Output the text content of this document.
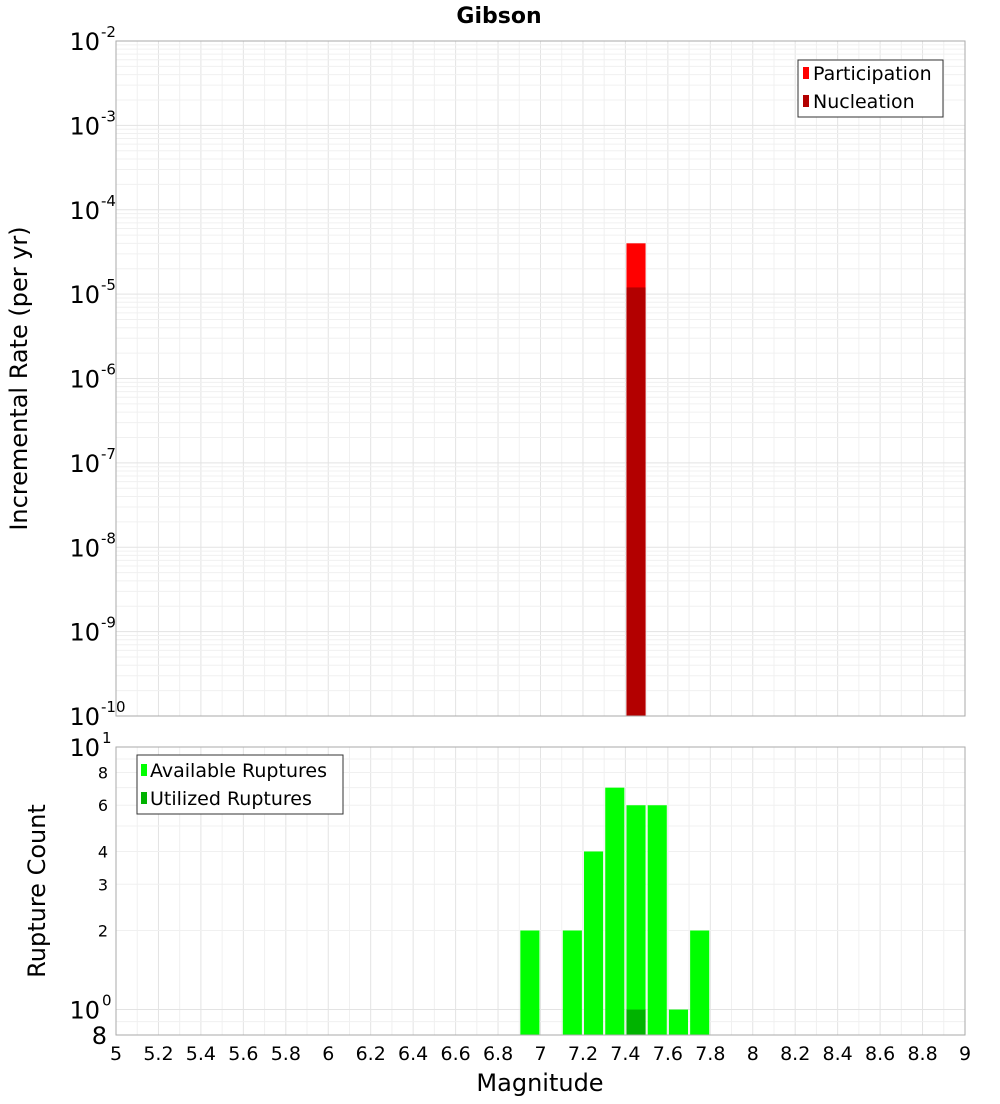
10 -2
10 -3
10 -4
10 -5
10 -6
10 -7
10 -8
10 -9
10 -10
Gibson
Incremental Rate (per yr)
Participation
Nucleation
10 1
10 0
8
6
4
3
2
8
5 5.2 5.4 5.6 5.8 6 6.2 6.4 6.6 6.8 7 7.2 7.4 7.6 7.8 8 8.2 8.4 8.6 8.8 9
Magnitude
Rupture Count
Available Ruptures
Utilized Ruptures
